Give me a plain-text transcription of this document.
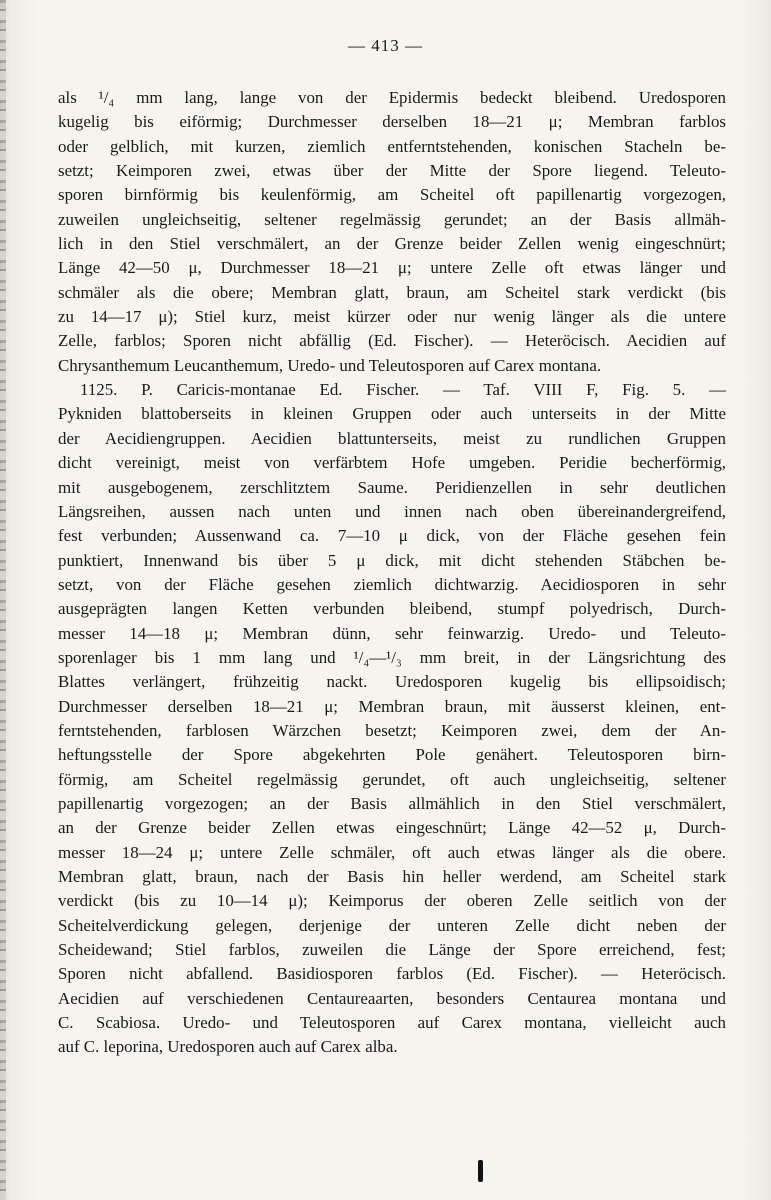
— 413 —
als ¹/₄ mm lang, lange von der Epidermis bedeckt bleibend. Uredosporen
kugelig bis eiförmig; Durchmesser derselben 18—21 μ; Membran farblos
oder gelblich, mit kurzen, ziemlich entferntstehenden, konischen Stacheln be-
setzt; Keimporen zwei, etwas über der Mitte der Spore liegend. Teleuto-
sporen birnförmig bis keulenförmig, am Scheitel oft papillenartig vorgezogen,
zuweilen ungleichseitig, seltener regelmässig gerundet; an der Basis allmäh-
lich in den Stiel verschmälert, an der Grenze beider Zellen wenig eingeschnürt;
Länge 42—50 μ, Durchmesser 18—21 μ; untere Zelle oft etwas länger und
schmäler als die obere; Membran glatt, braun, am Scheitel stark verdickt (bis
zu 14—17 μ); Stiel kurz, meist kürzer oder nur wenig länger als die untere
Zelle, farblos; Sporen nicht abfällig (Ed. Fischer). — Heteröcisch. Aecidien auf
Chrysanthemum Leucanthemum, Uredo- und Teleutosporen auf Carex montana.
1125. P. Caricis-montanae Ed. Fischer. — Taf. VIII F, Fig. 5. —
Pykniden blattoberseits in kleinen Gruppen oder auch unterseits in der Mitte
der Aecidiengruppen. Aecidien blattunterseits, meist zu rundlichen Gruppen
dicht vereinigt, meist von verfärbtem Hofe umgeben. Peridie becherförmig,
mit ausgebogenem, zerschlitztem Saume. Peridienzellen in sehr deutlichen
Längsreihen, aussen nach unten und innen nach oben übereinandergreifend,
fest verbunden; Aussenwand ca. 7—10 μ dick, von der Fläche gesehen fein
punktiert, Innenwand bis über 5 μ dick, mit dicht stehenden Stäbchen be-
setzt, von der Fläche gesehen ziemlich dichtwarzig. Aecidiosporen in sehr
ausgeprägten langen Ketten verbunden bleibend, stumpf polyedrisch, Durch-
messer 14—18 μ; Membran dünn, sehr feinwarzig. Uredo- und Teleuto-
sporenlager bis 1 mm lang und ¹/₄—¹/₃ mm breit, in der Längsrichtung des
Blattes verlängert, frühzeitig nackt. Uredosporen kugelig bis ellipsoidisch;
Durchmesser derselben 18—21 μ; Membran braun, mit äusserst kleinen, ent-
ferntstehenden, farblosen Wärzchen besetzt; Keimporen zwei, dem der An-
heftungsstelle der Spore abgekehrten Pole genähert. Teleutosporen birn-
förmig, am Scheitel regelmässig gerundet, oft auch ungleichseitig, seltener
papillenartig vorgezogen; an der Basis allmählich in den Stiel verschmälert,
an der Grenze beider Zellen etwas eingeschnürt; Länge 42—52 μ, Durch-
messer 18—24 μ; untere Zelle schmäler, oft auch etwas länger als die obere.
Membran glatt, braun, nach der Basis hin heller werdend, am Scheitel stark
verdickt (bis zu 10—14 μ); Keimporus der oberen Zelle seitlich von der
Scheitelverdickung gelegen, derjenige der unteren Zelle dicht neben der
Scheidewand; Stiel farblos, zuweilen die Länge der Spore erreichend, fest;
Sporen nicht abfallend. Basidiosporen farblos (Ed. Fischer). — Heteröcisch.
Aecidien auf verschiedenen Centaureaarten, besonders Centaurea montana und
C. Scabiosa. Uredo- und Teleutosporen auf Carex montana, vielleicht auch
auf C. leporina, Uredosporen auch auf Carex alba.
